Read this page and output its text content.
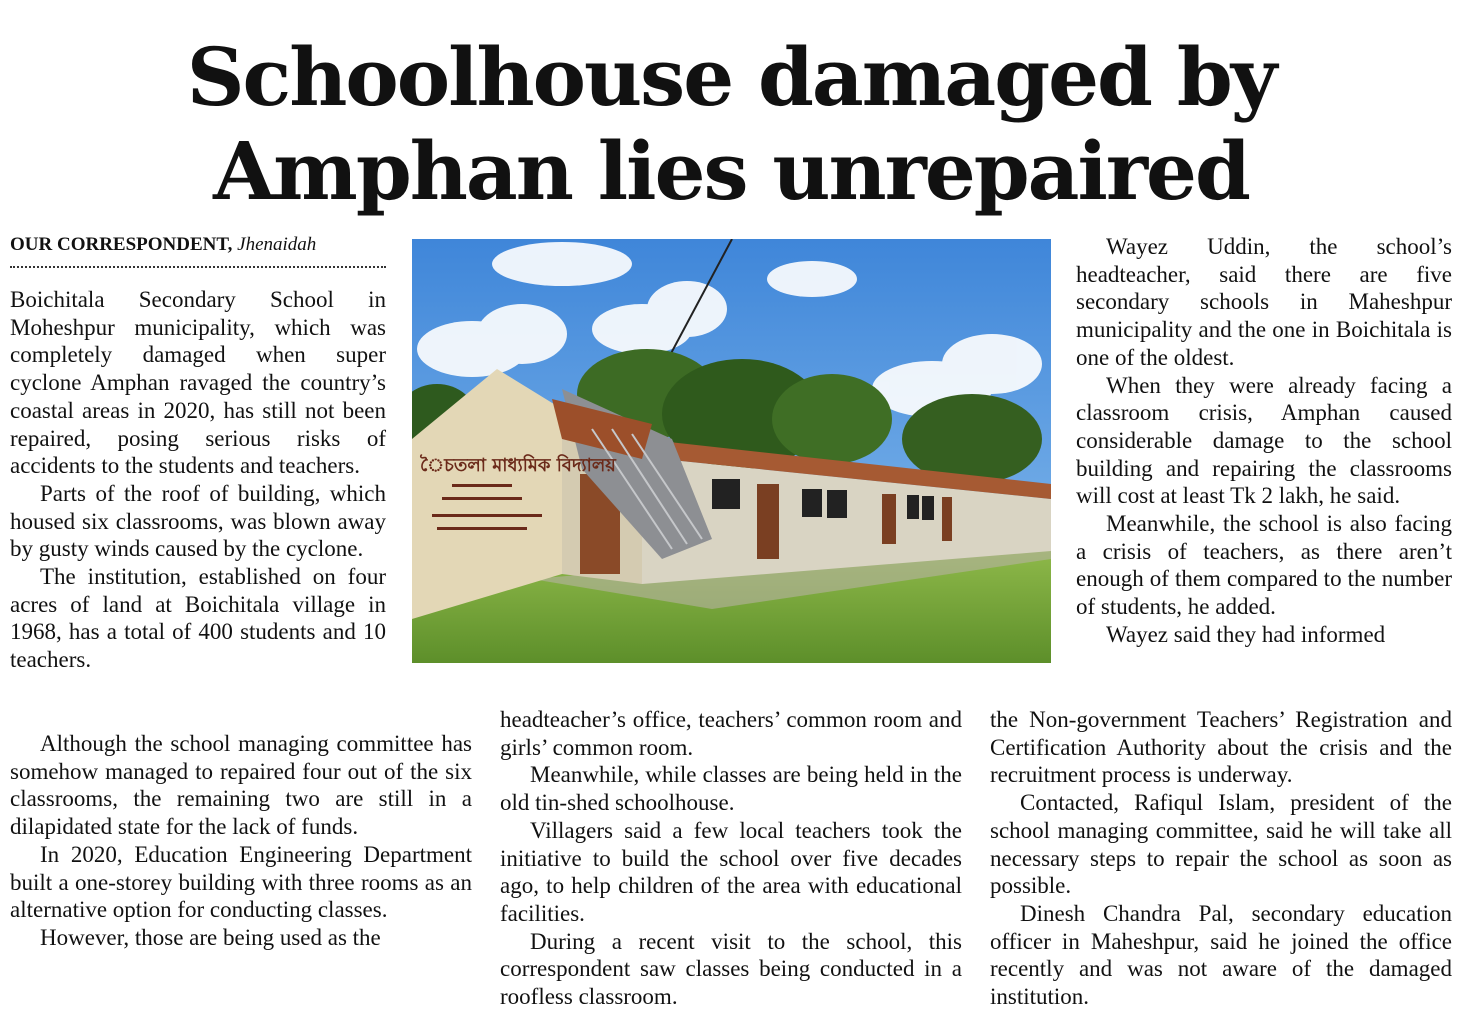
Schoolhouse damaged by
Amphan lies unrepaired
OUR CORRESPONDENT, Jhenaidah

Boichitala Secondary School in Moheshpur municipality, which was completely damaged when super cyclone Amphan ravaged the country’s coastal areas in 2020, has still not been repaired, posing serious risks of accidents to the students and teachers.

Parts of the roof of building, which housed six classrooms, was blown away by gusty winds caused by the cyclone.

The institution, established on four acres of land at Boichitala village in 1968, has a total of 400 students and 10 teachers.

Although the school managing committee has somehow managed to repaired four out of the six classrooms, the remaining two are still in a dilapidated state for the lack of funds.

In 2020, Education Engineering Department built a one-storey building with three rooms as an alternative option for conducting classes.

However, those are being used as the

headteacher’s office, teachers’ common room and girls’ common room.

Meanwhile, while classes are being held in the old tin-shed schoolhouse.

Villagers said a few local teachers took the initiative to build the school over five decades ago, to help children of the area with educational facilities.

During a recent visit to the school, this correspondent saw classes being conducted in a roofless classroom.

Wayez Uddin, the school’s headteacher, said there are five secondary schools in Maheshpur municipality and the one in Boichitala is one of the oldest.

When they were already facing a classroom crisis, Amphan caused considerable damage to the school building and repairing the classrooms will cost at least Tk 2 lakh, he said.

Meanwhile, the school is also facing a crisis of teachers, as there aren’t enough of them compared to the number of students, he added.

Wayez said they had informed

the Non-government Teachers’ Registration and Certification Authority about the crisis and the recruitment process is underway.

Contacted, Rafiqul Islam, president of the school managing committee, said he will take all necessary steps to repair the school as soon as possible.

Dinesh Chandra Pal, secondary education officer in Maheshpur, said he joined the office recently and was not aware of the damaged institution.

ৈচতলা মাধ্যমিক বিদ্যালয়
